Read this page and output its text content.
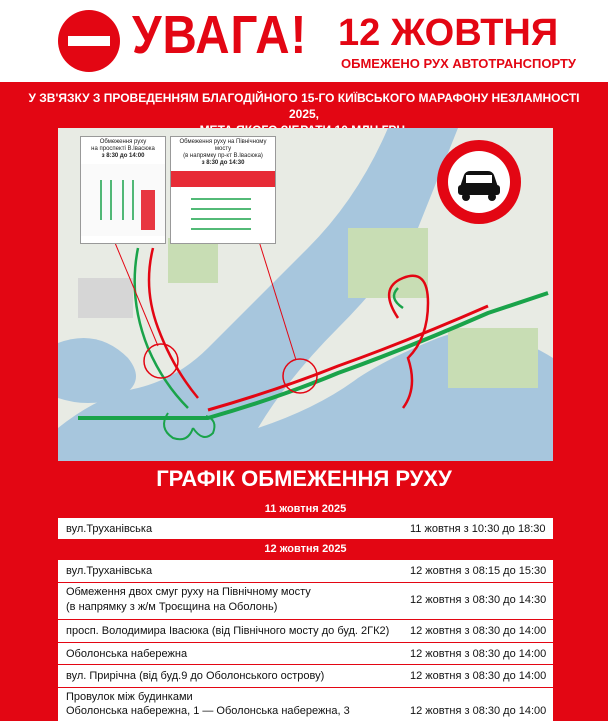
УВАГА! 12 ЖОВТНЯ
ОБМЕЖЕНО РУХ АВТОТРАНСПОРТУ
У ЗВ'ЯЗКУ З ПРОВЕДЕННЯМ БЛАГОДІЙНОГО 15-ГО КИЇВСЬКОГО МАРАФОНУ НЕЗЛАМНОСТІ 2025,
Обмеження руху
на проспекті В.Івасюка
з 8:30 до 14:00
Обмеження руху на Північному мосту
(в напрямку пр-кт В.Івасюка)
з 8:30 до 14:30
ГРАФІК ОБМЕЖЕННЯ РУХУ
11 жовтня 2025
вул.Труханівська	11 жовтня з 10:30 до 18:30
12 жовтня 2025
вул.Труханівська	12 жовтня з 08:15 до 15:30
Обмеження двох смуг руху на Північному мосту
(в напрямку з ж/м Троєщина на Оболонь)
12 жовтня з 08:30 до 14:30
просп. Володимира Івасюка (від Північного мосту до буд. 2ГК2) 12 жовтня з 08:30 до 14:00
Оболонська набережна	12 жовтня з 08:30 до 14:00
вул. Прирічна (від буд.9 до Оболонського острову)	12 жовтня з 08:30 до 14:00
Провулок між будинками
Оболонська набережна, 1 — Оболонська набережна, 3	12 жовтня з 08:30 до 14:00
